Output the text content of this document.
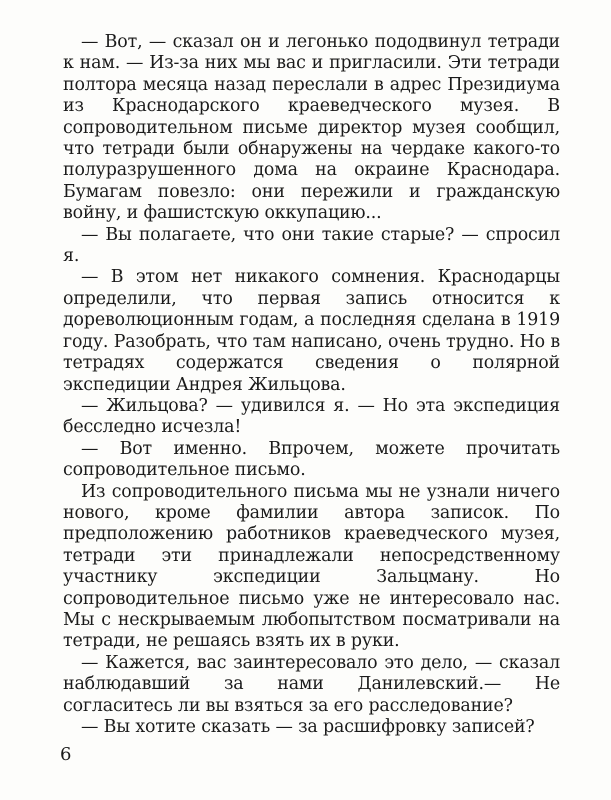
— Вот, — сказал он и легонько пододвинул тетради к нам. — Из-за них мы вас и пригласили. Эти тетради полтора месяца назад переслали в адрес Президиума из Краснодарского краеведческого музея. В сопроводительном письме директор музея сообщил, что тетради были обнаружены на чердаке какого-то полуразрушенного дома на окраине Краснодара. Бумагам повезло: они пережили и гражданскую войну, и фашистскую оккупацию...

— Вы полагаете, что они такие старые? — спросил я.

— В этом нет никакого сомнения. Краснодарцы определили, что первая запись относится к дореволюционным годам, а последняя сделана в 1919 году. Разобрать, что там написано, очень трудно. Но в тетрадях содержатся сведения о полярной экспедиции Андрея Жильцова.

— Жильцова? — удивился я. — Но эта экспедиция бесследно исчезла!

— Вот именно. Впрочем, можете прочитать сопроводительное письмо.

Из сопроводительного письма мы не узнали ничего нового, кроме фамилии автора записок. По предположению работников краеведческого музея, тетради эти принадлежали непосредственному участнику экспедиции Зальцману. Но сопроводительное письмо уже не интересовало нас. Мы с нескрываемым любопытством посматривали на тетради, не решаясь взять их в руки.

— Кажется, вас заинтересовало это дело, — сказал наблюдавший за нами Данилевский.— Не согласитесь ли вы взяться за его расследование?

— Вы хотите сказать — за расшифровку записей?

6
